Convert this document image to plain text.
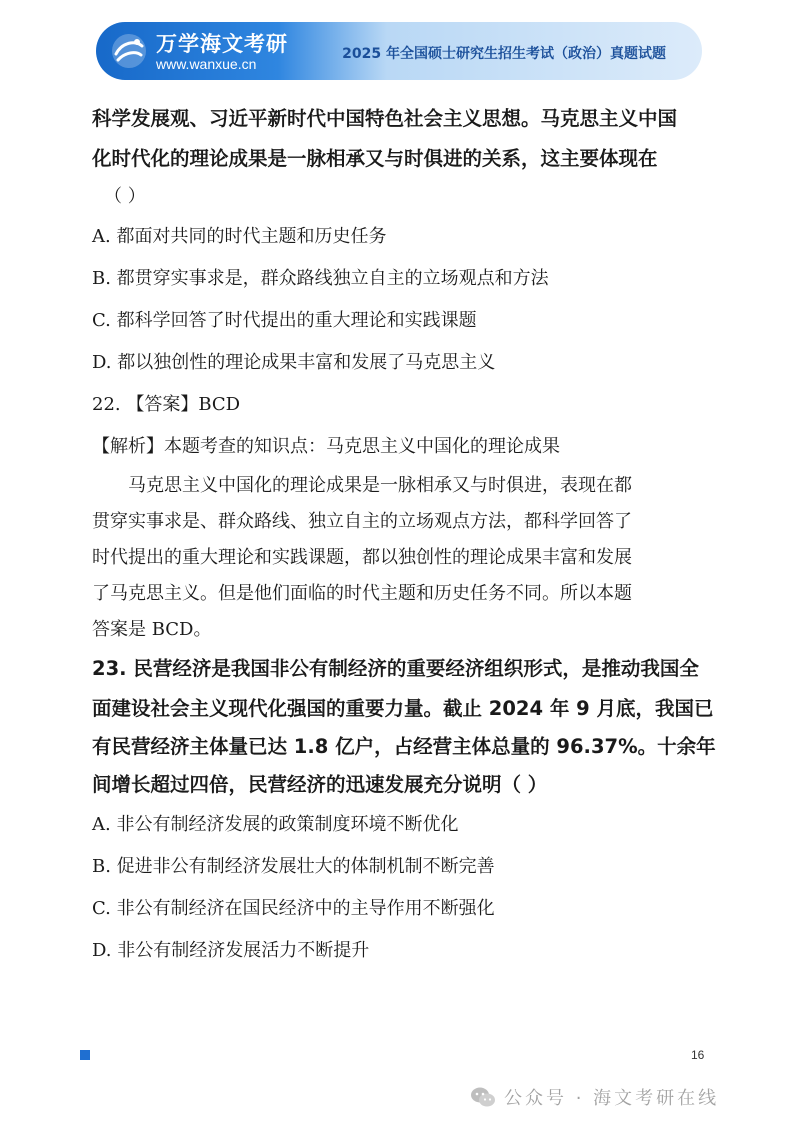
万学海文考研
www.wanxue.cn
2025 年全国硕士研究生招生考试（政治）真题试题

科学发展观、习近平新时代中国特色社会主义思想。马克思主义中国

化时代化的理论成果是一脉相承又与时俱进的关系，这主要体现在

（ ）

A. 都面对共同的时代主题和历史任务

B. 都贯穿实事求是，群众路线独立自主的立场观点和方法

C. 都科学回答了时代提出的重大理论和实践课题

D. 都以独创性的理论成果丰富和发展了马克思主义

22. 【答案】BCD

【解析】本题考查的知识点：马克思主义中国化的理论成果

马克思主义中国化的理论成果是一脉相承又与时俱进，表现在都

贯穿实事求是、群众路线、独立自主的立场观点方法，都科学回答了

时代提出的重大理论和实践课题，都以独创性的理论成果丰富和发展

了马克思主义。但是他们面临的时代主题和历史任务不同。所以本题

答案是 BCD。

23. 民营经济是我国非公有制经济的重要经济组织形式，是推动我国全

面建设社会主义现代化强国的重要力量。截止 2024 年 9 月底，我国已

有民营经济主体量已达 1.8 亿户，占经营主体总量的 96.37%。十余年

间增长超过四倍，民营经济的迅速发展充分说明（ ）

A. 非公有制经济发展的政策制度环境不断优化

B. 促进非公有制经济发展壮大的体制机制不断完善

C. 非公有制经济在国民经济中的主导作用不断强化

D. 非公有制经济发展活力不断提升

16
公众号 · 海文考研在线
